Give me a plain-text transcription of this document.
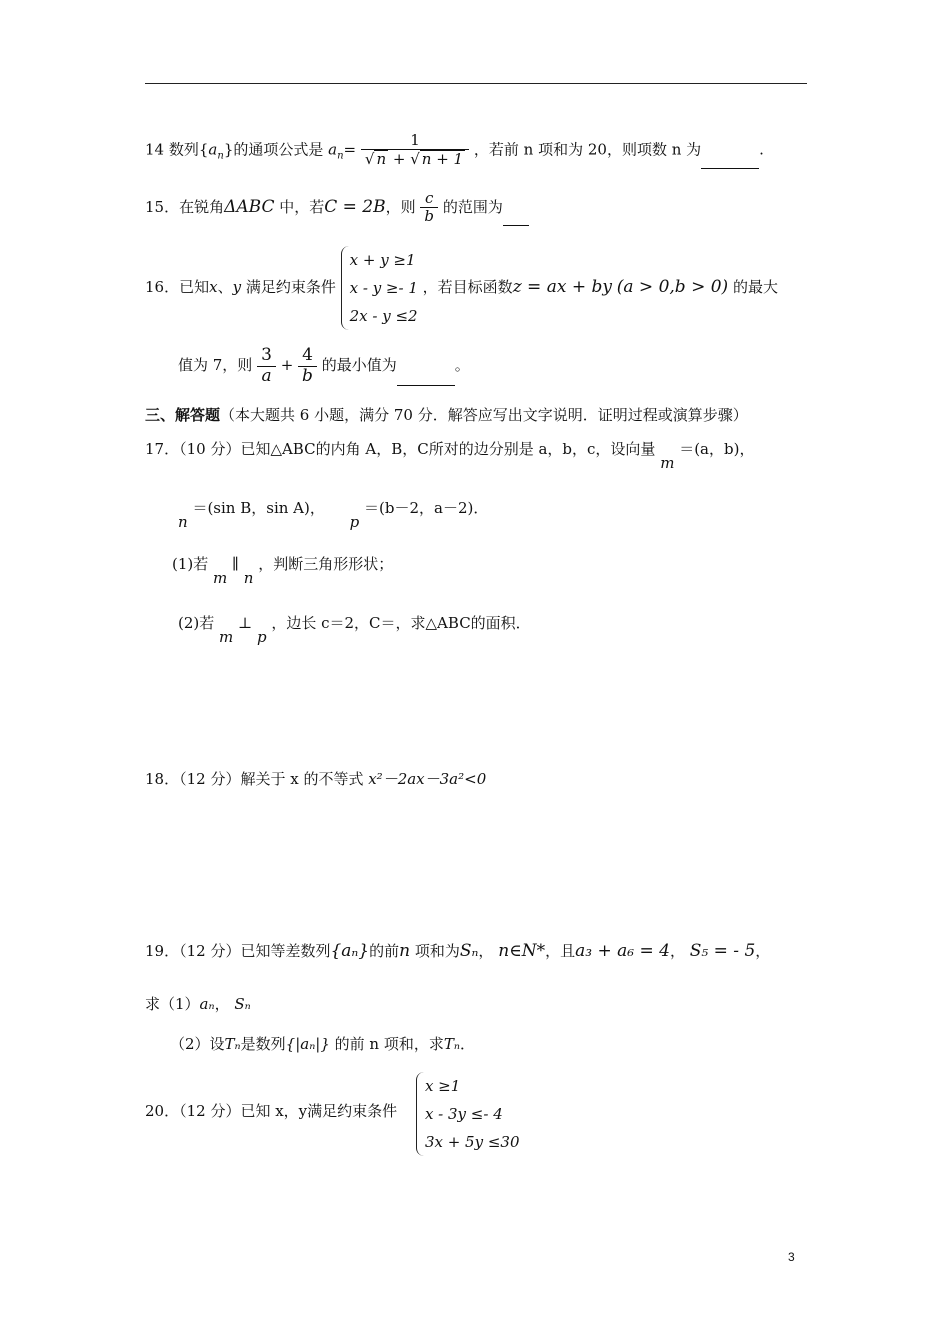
14 数列$\{a_n\}$的通项公式是 $a_n= \frac{1}{√ n + √ n + 1}$ ，若前 n 项和为 20，则项数 n 为	.
15．在锐角ΔABC 中，若C = 2B，则 $\frac{c}{b}$ 的范围为
16．已知x、y 满足约束条件
x + y ≥1
x - y ≥- 1
2x - y ≤2
，若目标函数z = ax + by (a > 0,b > 0) 的最大
值为 7，则 $\frac{3}{a} + \frac{4}{b}$ 的最小值为	。
三、解答题（本大题共 6 小题，满分 70 分．解答应写出文字说明．证明过程或演算步骤）
17．（10 分）已知△ABC的内角 A，B，C所对的边分别是 a，b，c，设向量 m ＝(a，b)，
n ＝(sin B，sin A)， p ＝(b－2，a－2)．
(1)若 m ∥ n ，判断三角形形状；
(2)若 m ⊥ p ，边长 c＝2，C＝，求△ABC的面积．
18．（12 分）解关于 x 的不等式 x²－2ax－3a²<0
19．（12 分）已知等差数列{aₙ}的前n 项和为Sₙ， n∈N*，且a₃ + a₆ = 4， S₅ = - 5，
求（1）aₙ， Sₙ
（2）设Tₙ是数列{|aₙ|} 的前 n 项和，求Tₙ．
20．（12 分）已知 x，y满足约束条件
x ≥1
x - 3y ≤- 4
3x + 5y ≤30
3
